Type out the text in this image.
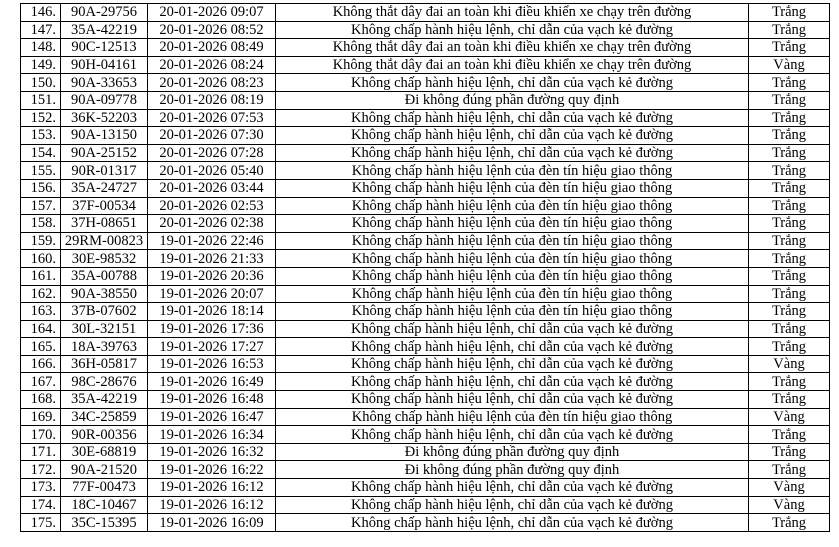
146.	90A-29756	20-01-2026 09:07	Không thắt dây đai an toàn khi điều khiển xe chạy trên đường	Trắng
147.	35A-42219	20-01-2026 08:52	Không chấp hành hiệu lệnh, chỉ dẫn của vạch kẻ đường	Trắng
148.	90C-12513	20-01-2026 08:49	Không thắt dây đai an toàn khi điều khiển xe chạy trên đường	Trắng
149.	90H-04161	20-01-2026 08:24	Không thắt dây đai an toàn khi điều khiển xe chạy trên đường	Vàng
150.	90A-33653	20-01-2026 08:23	Không chấp hành hiệu lệnh, chỉ dẫn của vạch kẻ đường	Trắng
151.	90A-09778	20-01-2026 08:19	Đi không đúng phần đường quy định	Trắng
152.	36K-52203	20-01-2026 07:53	Không chấp hành hiệu lệnh, chỉ dẫn của vạch kẻ đường	Trắng
153.	90A-13150	20-01-2026 07:30	Không chấp hành hiệu lệnh, chỉ dẫn của vạch kẻ đường	Trắng
154.	90A-25152	20-01-2026 07:28	Không chấp hành hiệu lệnh, chỉ dẫn của vạch kẻ đường	Trắng
155.	90R-01317	20-01-2026 05:40	Không chấp hành hiệu lệnh của đèn tín hiệu giao thông	Trắng
156.	35A-24727	20-01-2026 03:44	Không chấp hành hiệu lệnh của đèn tín hiệu giao thông	Trắng
157.	37F-00534	20-01-2026 02:53	Không chấp hành hiệu lệnh của đèn tín hiệu giao thông	Trắng
158.	37H-08651	20-01-2026 02:38	Không chấp hành hiệu lệnh của đèn tín hiệu giao thông	Trắng
159.	29RM-00823	19-01-2026 22:46	Không chấp hành hiệu lệnh của đèn tín hiệu giao thông	Trắng
160.	30E-98532	19-01-2026 21:33	Không chấp hành hiệu lệnh của đèn tín hiệu giao thông	Trắng
161.	35A-00788	19-01-2026 20:36	Không chấp hành hiệu lệnh của đèn tín hiệu giao thông	Trắng
162.	90A-38550	19-01-2026 20:07	Không chấp hành hiệu lệnh của đèn tín hiệu giao thông	Trắng
163.	37B-07602	19-01-2026 18:14	Không chấp hành hiệu lệnh của đèn tín hiệu giao thông	Trắng
164.	30L-32151	19-01-2026 17:36	Không chấp hành hiệu lệnh, chỉ dẫn của vạch kẻ đường	Trắng
165.	18A-39763	19-01-2026 17:27	Không chấp hành hiệu lệnh, chỉ dẫn của vạch kẻ đường	Trắng
166.	36H-05817	19-01-2026 16:53	Không chấp hành hiệu lệnh, chỉ dẫn của vạch kẻ đường	Vàng
167.	98C-28676	19-01-2026 16:49	Không chấp hành hiệu lệnh, chỉ dẫn của vạch kẻ đường	Trắng
168.	35A-42219	19-01-2026 16:48	Không chấp hành hiệu lệnh, chỉ dẫn của vạch kẻ đường	Trắng
169.	34C-25859	19-01-2026 16:47	Không chấp hành hiệu lệnh của đèn tín hiệu giao thông	Vàng
170.	90R-00356	19-01-2026 16:34	Không chấp hành hiệu lệnh, chỉ dẫn của vạch kẻ đường	Trắng
171.	30E-68819	19-01-2026 16:32	Đi không đúng phần đường quy định	Trắng
172.	90A-21520	19-01-2026 16:22	Đi không đúng phần đường quy định	Trắng
173.	77F-00473	19-01-2026 16:12	Không chấp hành hiệu lệnh, chỉ dẫn của vạch kẻ đường	Vàng
174.	18C-10467	19-01-2026 16:12	Không chấp hành hiệu lệnh, chỉ dẫn của vạch kẻ đường	Vàng
175.	35C-15395	19-01-2026 16:09	Không chấp hành hiệu lệnh, chỉ dẫn của vạch kẻ đường	Trắng
